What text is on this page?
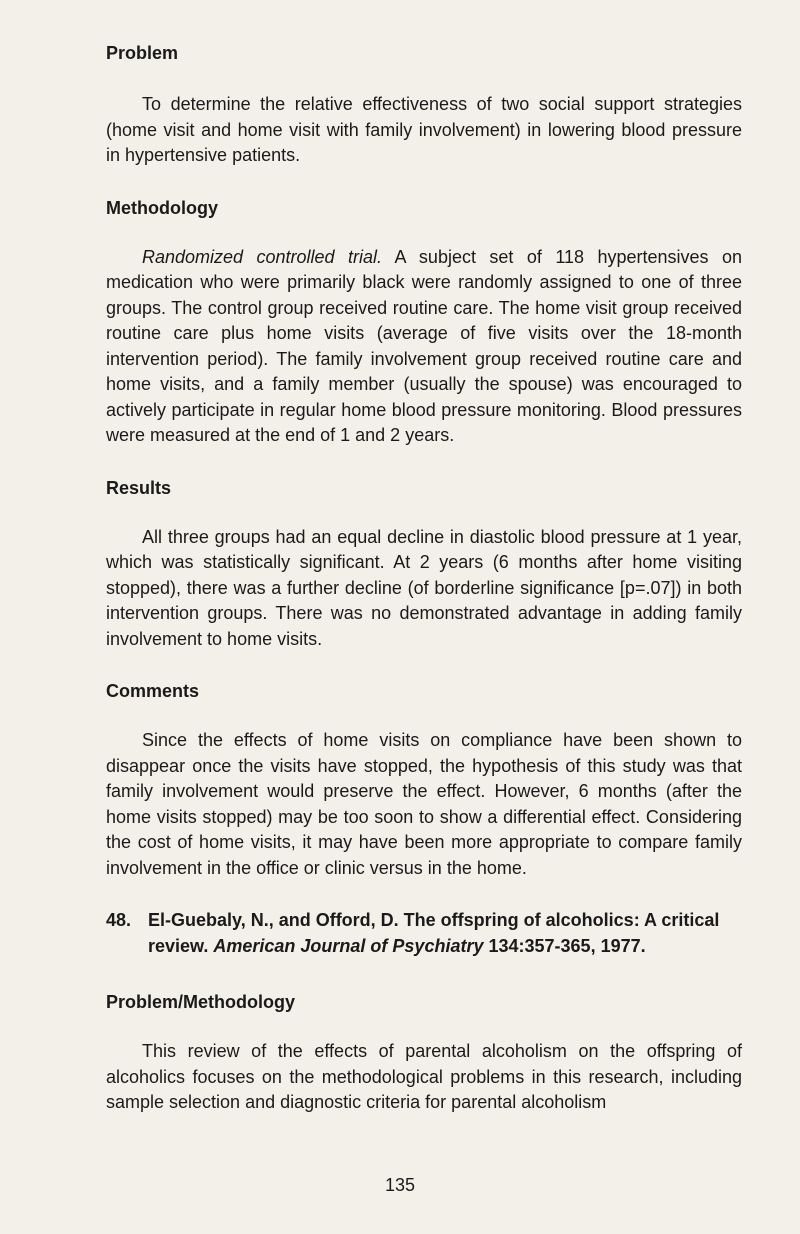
Problem

To determine the relative effectiveness of two social support strategies (home visit and home visit with family involvement) in lowering blood pressure in hypertensive patients.

Methodology

Randomized controlled trial. A subject set of 118 hypertensives on medication who were primarily black were randomly assigned to one of three groups. The control group received routine care. The home visit group received routine care plus home visits (average of five visits over the 18-month intervention period). The family involvement group received routine care and home visits, and a family member (usually the spouse) was encouraged to actively participate in regular home blood pressure monitoring. Blood pressures were measured at the end of 1 and 2 years.

Results

All three groups had an equal decline in diastolic blood pressure at 1 year, which was statistically significant. At 2 years (6 months after home visiting stopped), there was a further decline (of borderline significance [p=.07]) in both intervention groups. There was no demonstrated advantage in adding family involvement to home visits.

Comments

Since the effects of home visits on compliance have been shown to disappear once the visits have stopped, the hypothesis of this study was that family involvement would preserve the effect. However, 6 months (after the home visits stopped) may be too soon to show a differential effect. Considering the cost of home visits, it may have been more appropriate to compare family involvement in the office or clinic versus in the home.

48. El-Guebaly, N., and Offord, D. The offspring of alcoholics: A critical review. American Journal of Psychiatry 134:357-365, 1977.
Problem/Methodology

This review of the effects of parental alcoholism on the offspring of alcoholics focuses on the methodological problems in this research, including sample selection and diagnostic criteria for parental alcoholism

135
